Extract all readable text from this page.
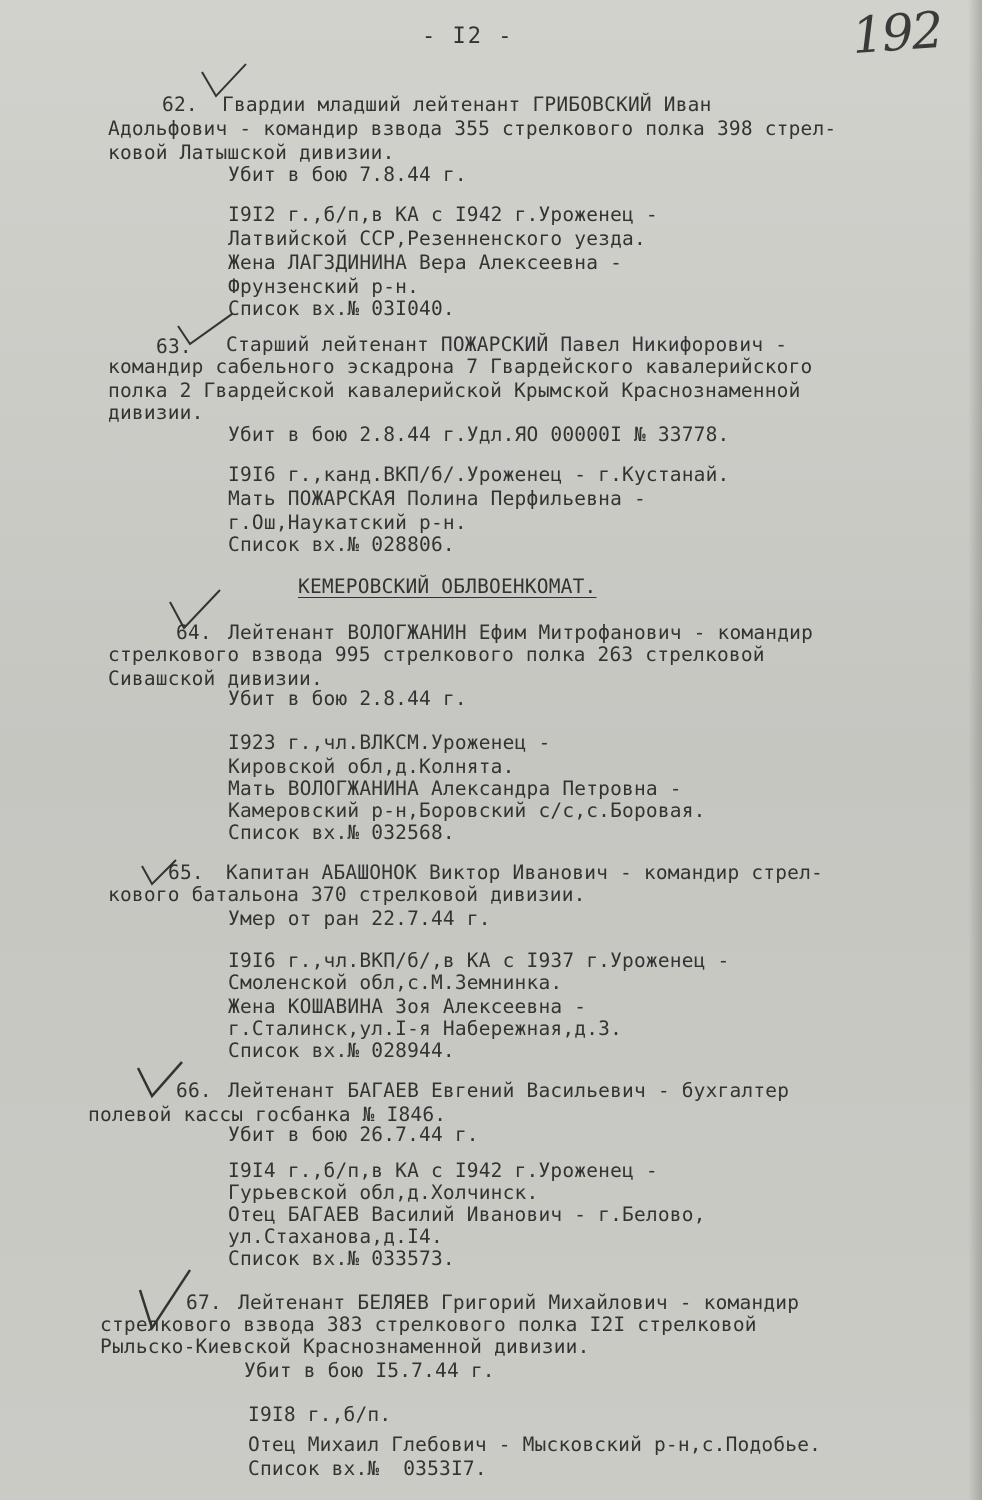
- I2 -	192
62. Гвардии младший лейтенант ГРИБОВСКИЙ Иван
Адольфович - командир взвода 355 стрелкового полка 398 стрел-
ковой Латышской дивизии.
Убит в бою 7.8.44 г.
I9I2 г.,б/п,в КА с I942 г.Уроженец -
Латвийской ССР,Резенненского уезда.
Жена ЛАГЗДИНИНА Вера Алексеевна -
Фрунзенский р-н.
Список вх.№ 03I040.
63. Старший лейтенант ПОЖАРСКИЙ Павел Никифорович -
командир сабельного эскадрона 7 Гвардейского кавалерийского
полка 2 Гвардейской кавалерийской Крымской Краснознаменной
дивизии.
Убит в бою 2.8.44 г.Удл.ЯО 00000I № 33778.
I9I6 г.,канд.ВКП/б/.Уроженец - г.Кустанай.
Мать ПОЖАРСКАЯ Полина Перфильевна -
г.Ош,Наукатский р-н.
Список вх.№ 028806.
КЕМЕРОВСКИЙ ОБЛВОЕНКОМАТ.
64. Лейтенант ВОЛОГЖАНИН Ефим Митрофанович - командир
стрелкового взвода 995 стрелкового полка 263 стрелковой
Сивашской дивизии.
Убит в бою 2.8.44 г.
I923 г.,чл.ВЛКСМ.Уроженец -
Кировской обл,д.Колнята.
Мать ВОЛОГЖАНИНА Александра Петровна -
Камеровский р-н,Боровский с/с,с.Боровая.
Список вх.№ 032568.
65. Капитан АБАШОНОК Виктор Иванович - командир стрел-
кового батальона 370 стрелковой дивизии.
Умер от ран 22.7.44 г.
I9I6 г.,чл.ВКП/б/,в КА с I937 г.Уроженец -
Смоленской обл,с.М.Земнинка.
Жена КОШАВИНА Зоя Алексеевна -
г.Сталинск,ул.I-я Набережная,д.3.
Список вх.№ 028944.
66. Лейтенант БАГАЕВ Евгений Васильевич - бухгалтер
полевой кассы госбанка № I846.
Убит в бою 26.7.44 г.
I9I4 г.,б/п,в КА с I942 г.Уроженец -
Гурьевской обл,д.Холчинск.
Отец БАГАЕВ Василий Иванович - г.Белово,
ул.Стаханова,д.I4.
Список вх.№ 033573.
67. Лейтенант БЕЛЯЕВ Григорий Михайлович - командир
стрелкового взвода 383 стрелкового полка I2I стрелковой
Рыльско-Киевской Краснознаменной дивизии.
Убит в бою I5.7.44 г.
I9I8 г.,б/п.
Отец Михаил Глебович - Мысковский р-н,с.Подобье.
Список вх.№  0353I7.
